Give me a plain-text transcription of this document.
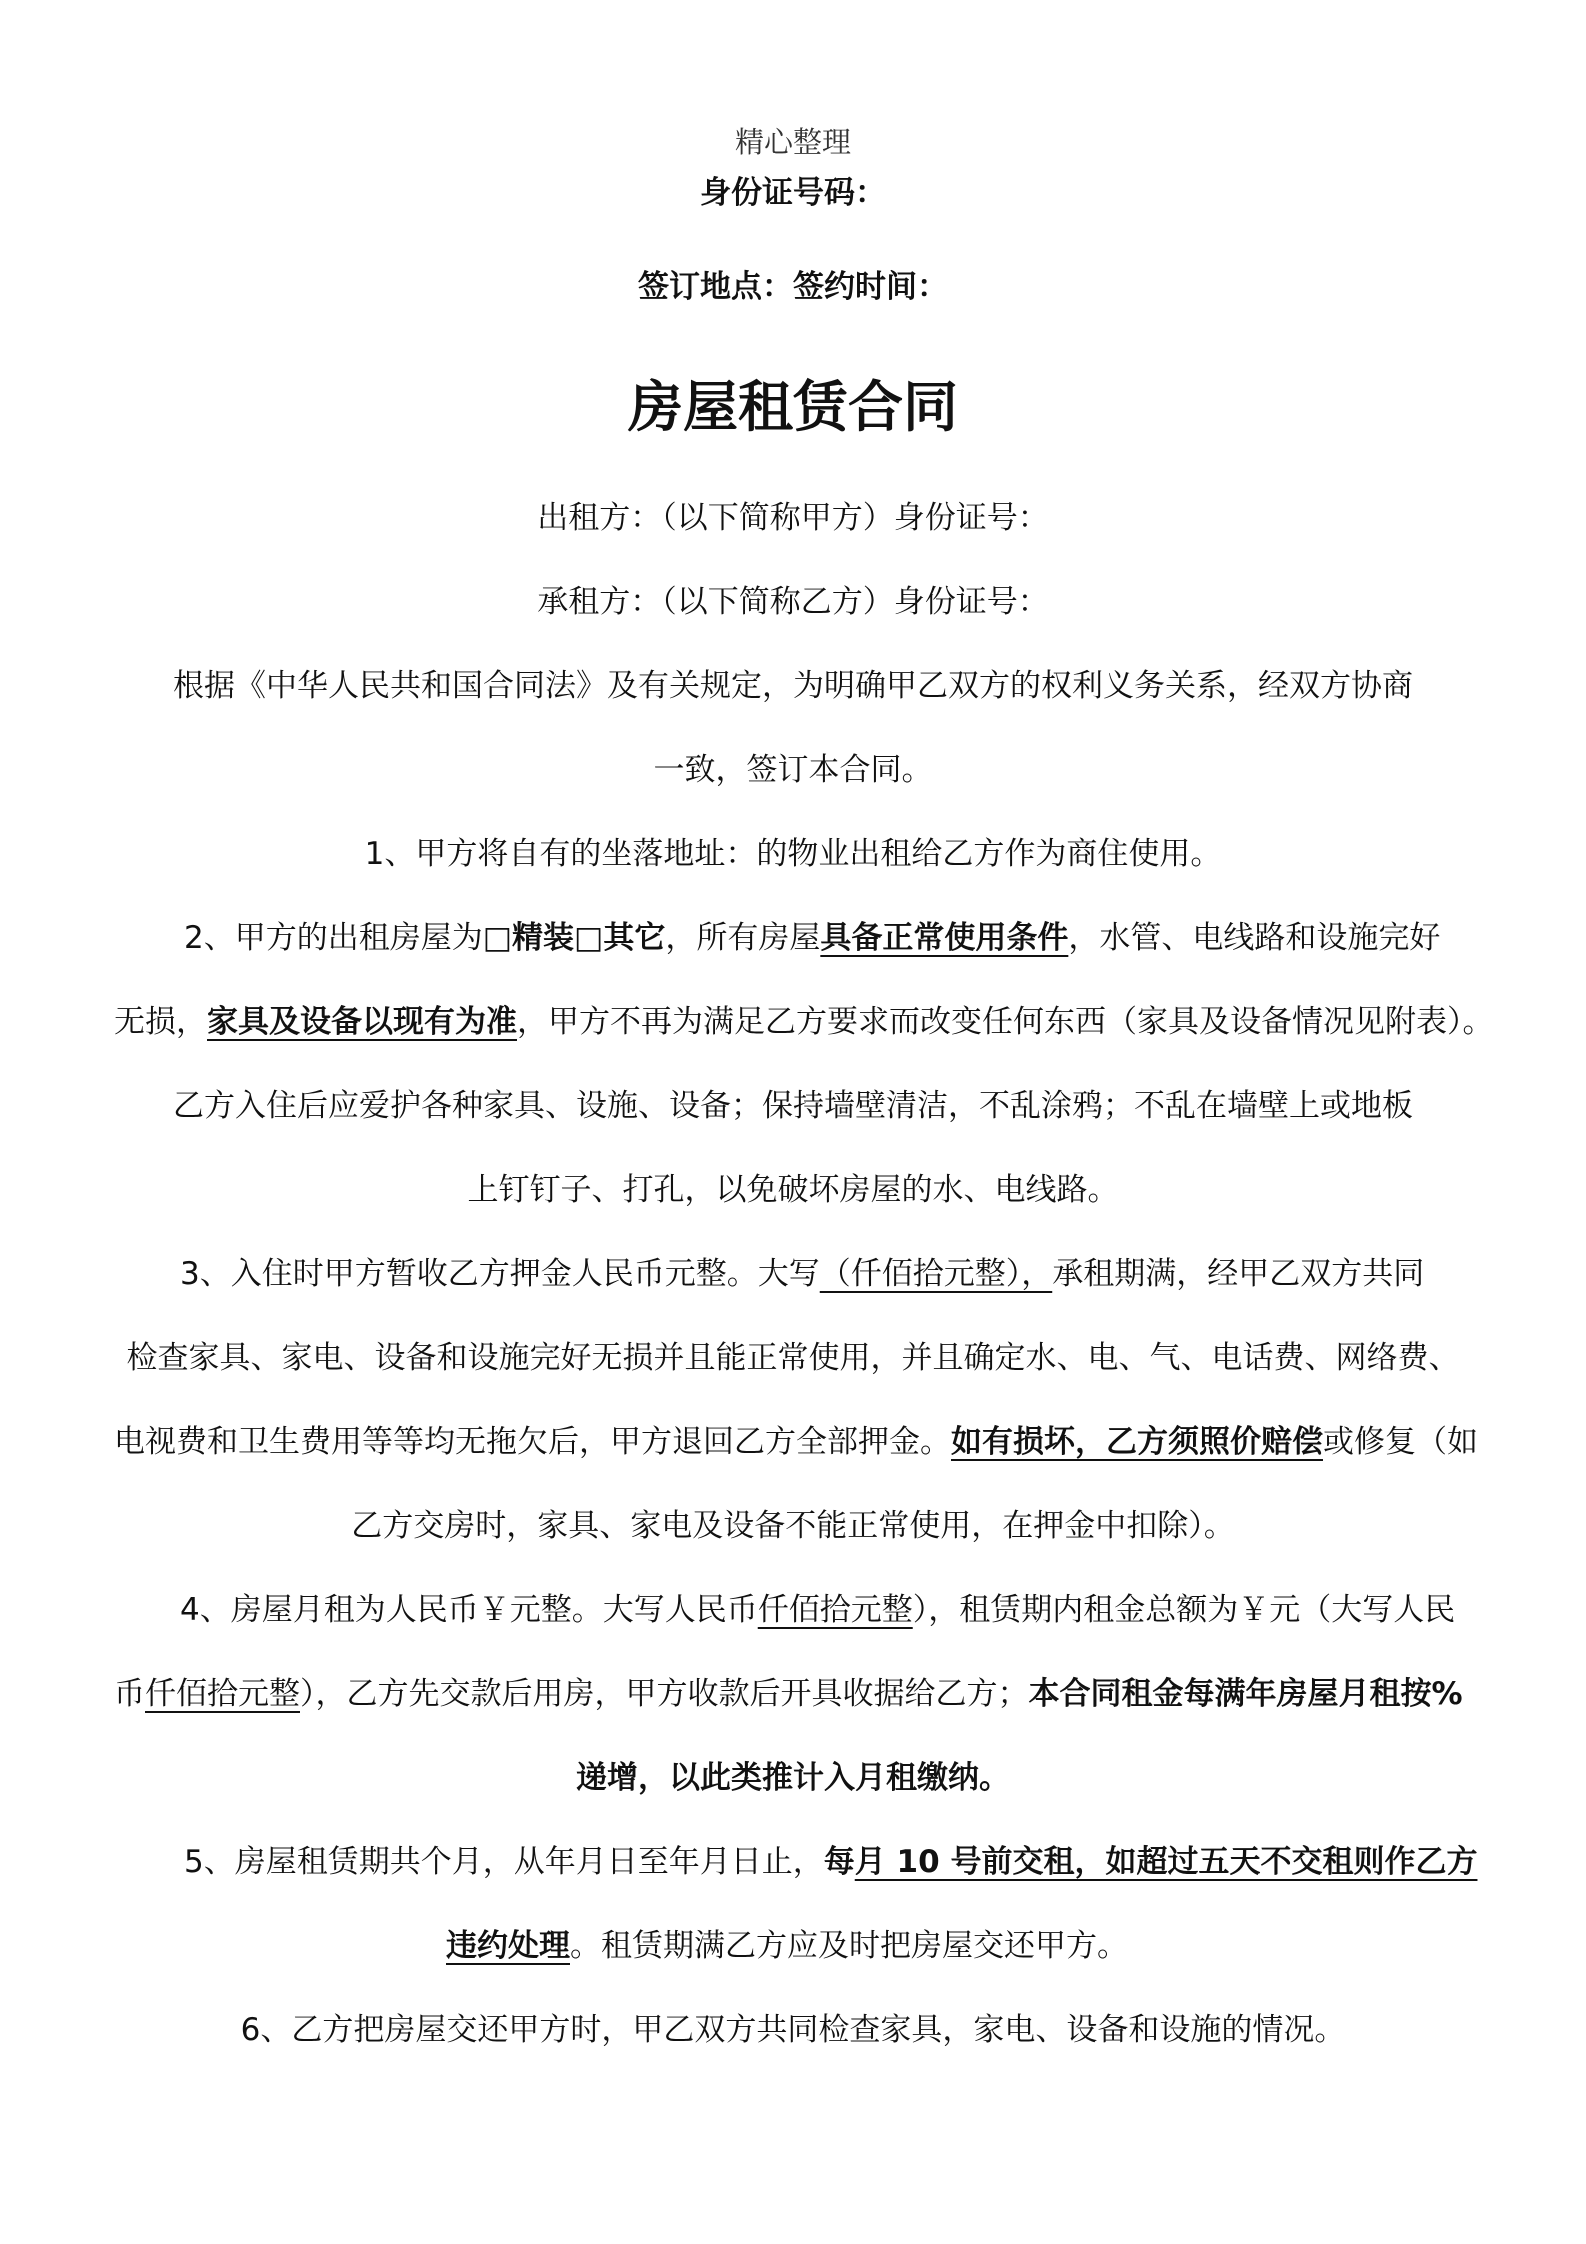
精心整理
身份证号码：
签订地点：签约时间：
房屋租赁合同
出租方：（以下简称甲方）身份证号：
承租方：（以下简称乙方）身份证号：
根据《中华人民共和国合同法》及有关规定，为明确甲乙双方的权利义务关系，经双方协商
一致，签订本合同。
1、甲方将自有的坐落地址：的物业出租给乙方作为商住使用。
2、甲方的出租房屋为□精装□其它，所有房屋具备正常使用条件，水管、电线路和设施完好
无损，家具及设备以现有为准，甲方不再为满足乙方要求而改变任何东西（家具及设备情况见附表）。
乙方入住后应爱护各种家具、设施、设备；保持墙壁清洁，不乱涂鸦；不乱在墙壁上或地板
上钉钉子、打孔，以免破坏房屋的水、电线路。
3、入住时甲方暂收乙方押金人民币元整。大写（仟佰拾元整），承租期满，经甲乙双方共同
检查家具、家电、设备和设施完好无损并且能正常使用，并且确定水、电、气、电话费、网络费、
电视费和卫生费用等等均无拖欠后，甲方退回乙方全部押金。如有损坏，乙方须照价赔偿或修复（如
乙方交房时，家具、家电及设备不能正常使用，在押金中扣除）。
4、房屋月租为人民币￥元整。大写人民币仟佰拾元整），租赁期内租金总额为￥元（大写人民
币仟佰拾元整），乙方先交款后用房，甲方收款后开具收据给乙方；本合同租金每满年房屋月租按%
递增，以此类推计入月租缴纳。
5、房屋租赁期共个月，从年月日至年月日止，每月 10 号前交租，如超过五天不交租则作乙方
违约处理。租赁期满乙方应及时把房屋交还甲方。
6、乙方把房屋交还甲方时，甲乙双方共同检查家具，家电、设备和设施的情况。
